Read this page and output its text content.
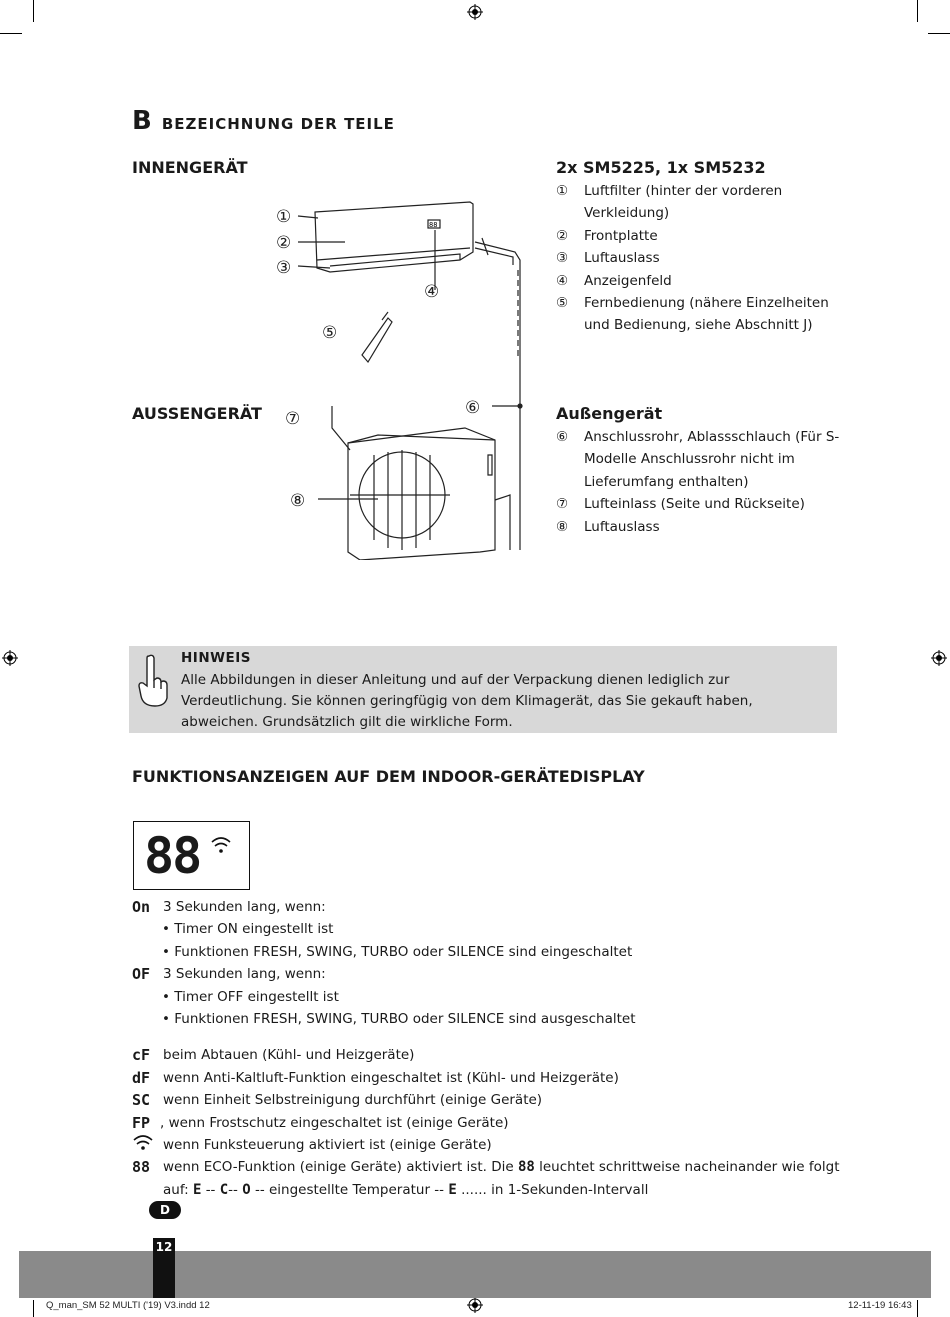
BBEZEICHNUNG DER TEILE
INNENGERÄT
AUSSENGERÄT
88
①
②
③
④
⑤
⑥
⑦
⑧
2x SM5225, 1x SM5232
①	Luftfilter (hinter der vorderen Verkleidung)
②	Frontplatte
③	Luftauslass
④	Anzeigenfeld
⑤	Fernbedienung (nähere Einzelheiten und Bedienung, siehe Abschnitt J)
Außengerät
⑥	Anschlussrohr, Ablassschlauch (Für S-Modelle Anschlussrohr nicht im Lieferumfang enthalten)
⑦	Lufteinlass (Seite und Rückseite)
⑧	Luftauslass
HINWEIS
Alle Abbildungen in dieser Anleitung und auf der Verpackung dienen lediglich zur Verdeutlichung. Sie können geringfügig von dem Klimagerät, das Sie gekauft haben, abweichen. Grundsätzlich gilt die wirkliche Form.
FUNKTIONSANZEIGEN AUF DEM INDOOR-GERÄTEDISPLAY
88
On 3 Sekunden lang, wenn:
• Timer ON eingestellt ist
• Funktionen FRESH, SWING, TURBO oder SILENCE sind eingeschaltet
OF 3 Sekunden lang, wenn:
• Timer OFF eingestellt ist
• Funktionen FRESH, SWING, TURBO oder SILENCE sind ausgeschaltet
cF beim Abtauen (Kühl- und Heizgeräte)
dF wenn Anti-Kaltluft-Funktion eingeschaltet ist (Kühl- und Heizgeräte)
SC wenn Einheit Selbstreinigung durchführt (einige Geräte)
FP , wenn Frostschutz eingeschaltet ist (einige Geräte)
wenn Funksteuerung aktiviert ist (einige Geräte)
88 wenn ECO-Funktion (einige Geräte) aktiviert ist. Die
88
leuchtet schrittweise nacheinander wie folgt
auf:
E
--
C --
O
-- eingestellte Temperatur --
E
...... in 1-Sekunden-Intervall
D
12
Q_man_SM 52 MULTI ('19) V3.indd 12	12-11-19 16:43
